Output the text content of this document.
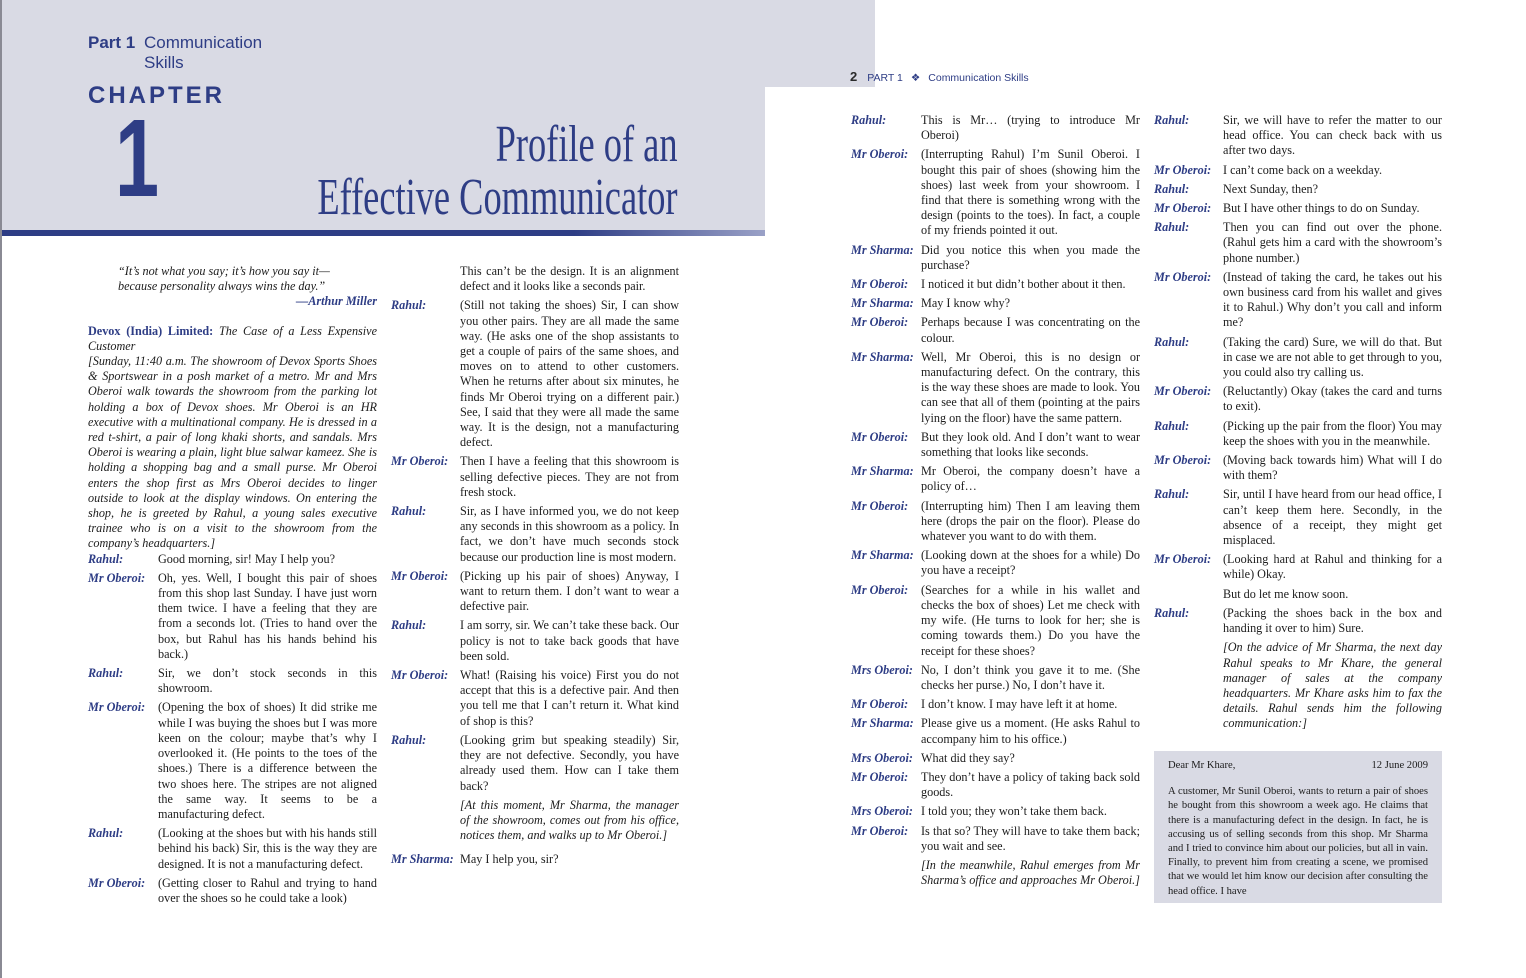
Part 1 Communication Skills
CHAPTER
1	Profile of an
Effective Communicator
2 PART 1 ❖ Communication Skills

“It’s not what you say; it’s how you say it—

because personality always wins the day.”

—Arthur Miller

Devox (India) Limited: The Case of a Less Expensive Customer

[Sunday, 11:40 a.m. The showroom of Devox Sports Shoes & Sportswear in a posh market of a metro. Mr and Mrs Oberoi walk towards the showroom from the parking lot holding a box of Devox shoes. Mr Oberoi is an HR executive with a multinational company. He is dressed in a red t-shirt, a pair of long khaki shorts, and sandals. Mrs Oberoi is wearing a plain, light blue salwar kameez. She is holding a shopping bag and a small purse. Mr Oberoi enters the shop first as Mrs Oberoi decides to linger outside to look at the display windows. On entering the shop, he is greeted by Rahul, a young sales executive trainee who is on a visit to the showroom from the company’s headquarters.]

Rahul:	Good morning, sir! May I help you?
Mr Oberoi:	Oh, yes. Well, I bought this pair of shoes from this shop last Sunday. I have just worn them twice. I have a feeling that they are from a seconds lot. (Tries to hand over the box, but Rahul has his hands behind his back.)
Rahul:	Sir, we don’t stock seconds in this showroom.
Mr Oberoi:	(Opening the box of shoes) It did strike me while I was buying the shoes but I was more keen on the colour; maybe that’s why I overlooked it. (He points to the toes of the shoes.) There is a difference between the two shoes here. The stripes are not aligned the same way. It seems to be a manufacturing defect.
Rahul:	(Looking at the shoes but with his hands still behind his back) Sir, this is the way they are designed. It is not a manufacturing defect.
Mr Oberoi:	(Getting closer to Rahul and trying to hand over the shoes so he could take a look)
This can’t be the design. It is an alignment defect and it looks like a seconds pair.
Rahul:	(Still not taking the shoes) Sir, I can show you other pairs. They are all made the same way. (He asks one of the shop assistants to get a couple of pairs of the same shoes, and moves on to attend to other customers. When he returns after about six minutes, he finds Mr Oberoi trying on a different pair.) See, I said that they were all made the same way. It is the design, not a manufacturing defect.
Mr Oberoi: Then I have a feeling that this showroom is selling defective pieces. They are not from fresh stock.
Rahul:	Sir, as I have informed you, we do not keep any seconds in this showroom as a policy. In fact, we don’t have much seconds stock because our production line is most modern.
Mr Oberoi: (Picking up his pair of shoes) Anyway, I want to return them. I don’t want to wear a defective pair.
Rahul:	I am sorry, sir. We can’t take these back. Our policy is not to take back goods that have been sold.
Mr Oberoi: What! (Raising his voice) First you do not accept that this is a defective pair. And then you tell me that I can’t return it. What kind of shop is this?
Rahul:	(Looking grim but speaking steadily) Sir, they are not defective. Secondly, you have already used them. How can I take them back?
[At this moment, Mr Sharma, the manager of the showroom, comes out from his office, notices them, and walks up to Mr Oberoi.]
Mr Sharma: May I help you, sir?
Rahul:	This is Mr… (trying to introduce Mr Oberoi)
Mr Oberoi:	(Interrupting Rahul) I’m Sunil Oberoi. I bought this pair of shoes (showing him the shoes) last week from your showroom. I find that there is something wrong with the design (points to the toes). In fact, a couple of my friends pointed it out.
Mr Sharma: Did you notice this when you made the purchase?
Mr Oberoi:	I noticed it but didn’t bother about it then.
Mr Sharma: May I know why?
Mr Oberoi:	Perhaps because I was concentrating on the colour.
Mr Sharma: Well, Mr Oberoi, this is no design or manufacturing defect. On the contrary, this is the way these shoes are made to look. You can see that all of them (pointing at the pairs lying on the floor) have the same pattern.
Mr Oberoi:	But they look old. And I don’t want to wear something that looks like seconds.
Mr Sharma: Mr Oberoi, the company doesn’t have a policy of…
Mr Oberoi:	(Interrupting him) Then I am leaving them here (drops the pair on the floor). Please do whatever you want to do with them.
Mr Sharma: (Looking down at the shoes for a while) Do you have a receipt?
Mr Oberoi:	(Searches for a while in his wallet and checks the box of shoes) Let me check with my wife. (He turns to look for her; she is coming towards them.) Do you have the receipt for these shoes?
Mrs Oberoi: No, I don’t think you gave it to me. (She checks her purse.) No, I don’t have it.
Mr Oberoi:	I don’t know. I may have left it at home.
Mr Sharma: Please give us a moment. (He asks Rahul to accompany him to his office.)
Mrs Oberoi: What did they say?
Mr Oberoi:	They don’t have a policy of taking back sold goods.
Mrs Oberoi: I told you; they won’t take them back.
Mr Oberoi:	Is that so? They will have to take them back; you wait and see.
[In the meanwhile, Rahul emerges from Mr Sharma’s office and approaches Mr Oberoi.]
Rahul:	Sir, we will have to refer the matter to our head office. You can check back with us after two days.
Mr Oberoi: I can’t come back on a weekday.
Rahul:	Next Sunday, then?
Mr Oberoi: But I have other things to do on Sunday.
Rahul:	Then you can find out over the phone. (Rahul gets him a card with the showroom’s phone number.)
Mr Oberoi: (Instead of taking the card, he takes out his own business card from his wallet and gives it to Rahul.) Why don’t you call and inform me?
Rahul:	(Taking the card) Sure, we will do that. But in case we are not able to get through to you, you could also try calling us.
Mr Oberoi: (Reluctantly) Okay (takes the card and turns to exit).
Rahul:	(Picking up the pair from the floor) You may keep the shoes with you in the meanwhile.
Mr Oberoi: (Moving back towards him) What will I do with them?
Rahul:	Sir, until I have heard from our head office, I can’t keep them here. Secondly, in the absence of a receipt, they might get misplaced.
Mr Oberoi: (Looking hard at Rahul and thinking for a while) Okay.
But do let me know soon.
Rahul:	(Packing the shoes back in the box and handing it over to him) Sure.
[On the advice of Mr Sharma, the next day Rahul speaks to Mr Khare, the general manager of sales at the company headquarters. Mr Khare asks him to fax the details. Rahul sends him the following communication:]
Dear Mr Khare,	12 June 2009

A customer, Mr Sunil Oberoi, wants to return a pair of shoes he bought from this showroom a week ago. He claims that there is a manufacturing defect in the design. In fact, he is accusing us of selling seconds from this shop. Mr Sharma and I tried to convince him about our policies, but all in vain. Finally, to prevent him from creating a scene, we promised that we would let him know our decision after consulting the head office. I have
